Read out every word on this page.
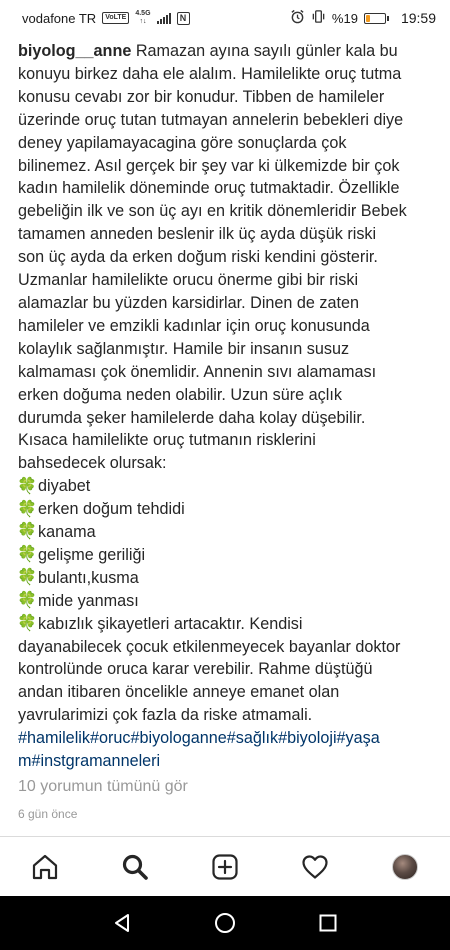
vodafone TR	VoLTE
4.5G
↑↓	N	%19	19:59
biyolog__anne Ramazan ayına sayılı günler kala bu
konuyu birkez daha ele alalım. Hamilelikte oruç tutma
konusu cevabı zor bir konudur. Tibben de hamileler
üzerinde oruç tutan tutmayan annelerin bebekleri diye
deney yapilamayacagina göre sonuçlarda çok
bilinemez. Asıl gerçek bir şey var ki ülkemizde bir çok
kadın hamilelik döneminde oruç tutmaktadir. Özellikle
gebeliğin ilk ve son üç ayı en kritik dönemleridir Bebek
tamamen anneden beslenir ilk üç ayda düşük riski
son üç ayda da erken doğum riski kendini gösterir.
Uzmanlar hamilelikte orucu önerme gibi bir riski
alamazlar bu yüzden karsidirlar. Dinen de zaten
hamileler ve emzikli kadınlar için oruç konusunda
kolaylık sağlanmıştır. Hamile bir insanın susuz
kalmaması çok önemlidir. Annenin sıvı alamaması
erken doğuma neden olabilir. Uzun süre açlık
durumda şeker hamilelerde daha kolay düşebilir.
Kısaca hamilelikte oruç tutmanın risklerini
bahsedecek olursak:
🍀 diyabet
🍀 erken doğum tehdidi
🍀 kanama
🍀 gelişme geriliği
🍀 bulantı,kusma
🍀 mide yanması
🍀 kabızlık şikayetleri artacaktır. Kendisi
dayanabilecek çocuk etkilenmeyecek bayanlar doktor
kontrolünde oruca karar verebilir. Rahme düştüğü
andan itibaren öncelikle anneye emanet olan
yavrularimizi çok fazla da riske atmamali.
#hamilelik#oruc#biyologanne#sağlık#biyoloji#yaşa
m#instgramanneleri
10 yorumun tümünü gör
6 gün önce
